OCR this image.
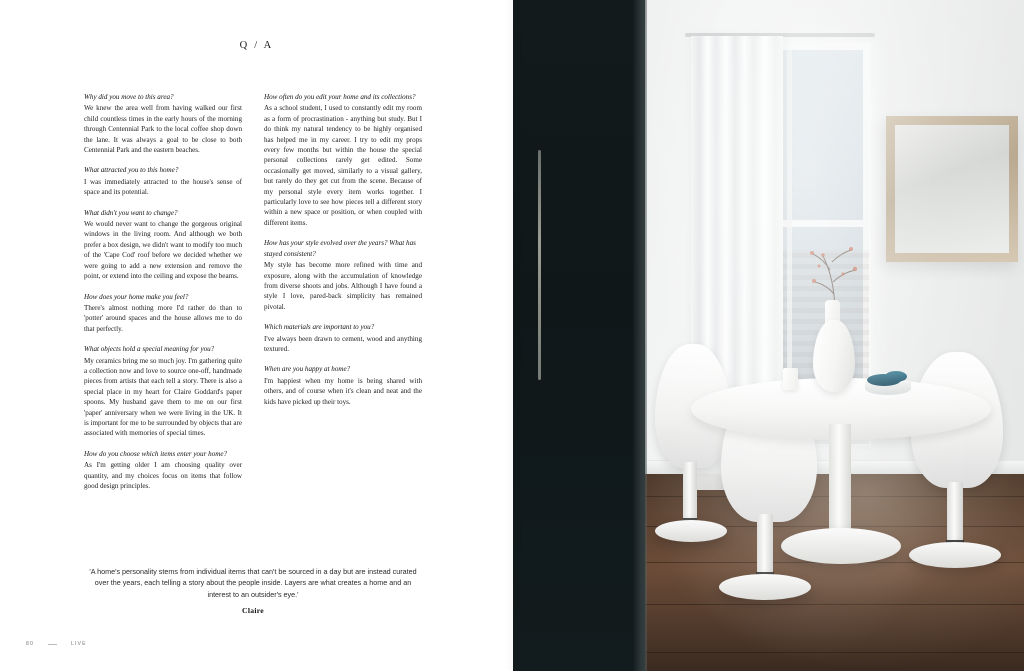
Q / A

Why did you move to this area?

We knew the area well from having walked our first child countless times in the early hours of the morning through Centennial Park to the local coffee shop down the lane. It was always a goal to be close to both Centennial Park and the eastern beaches.

What attracted you to this home?

I was immediately attracted to the house's sense of space and its potential.

What didn't you want to change?

We would never want to change the gorgeous original windows in the living room. And although we both prefer a box design, we didn't want to modify too much of the 'Cape Cod' roof before we decided whether we were going to add a new extension and remove the point, or extend into the ceiling and expose the beams.

How does your home make you feel?

There's almost nothing more I'd rather do than to 'potter' around spaces and the house allows me to do that perfectly.

What objects hold a special meaning for you?

My ceramics bring me so much joy. I'm gathering quite a collection now and love to source one-off, handmade pieces from artists that each tell a story. There is also a special place in my heart for Claire Goddard's paper spoons. My husband gave them to me on our first 'paper' anniversary when we were living in the UK. It is important for me to be surrounded by objects that are associated with memories of special times.

How do you choose which items enter your home?

As I'm getting older I am choosing quality over quantity, and my choices focus on items that follow good design principles.

How often do you edit your home and its collections?

As a school student, I used to constantly edit my room as a form of procrastination - anything but study. But I do think my natural tendency to be highly organised has helped me in my career. I try to edit my props every few months but within the house the special personal collections rarely get edited. Some occasionally get moved, similarly to a visual gallery, but rarely do they get cut from the scene. Because of my personal style every item works together. I particularly love to see how pieces tell a different story within a new space or position, or when coupled with different items.

How has your style evolved over the years? What has stayed consistent?

My style has become more refined with time and exposure, along with the accumulation of knowledge from diverse shoots and jobs. Although I have found a style I love, pared-back simplicity has remained pivotal.

Which materials are important to you?

I've always been drawn to cement, wood and anything textured.

When are you happy at home?

I'm happiest when my home is being shared with others, and of course when it's clean and neat and the kids have picked up their toys.

'A home's personality stems from individual items that can't be sourced in a day but are instead curated over the years, each telling a story about the people inside. Layers are what creates a home and an interest to an outsider's eye.'
Claire
80	LIVE
